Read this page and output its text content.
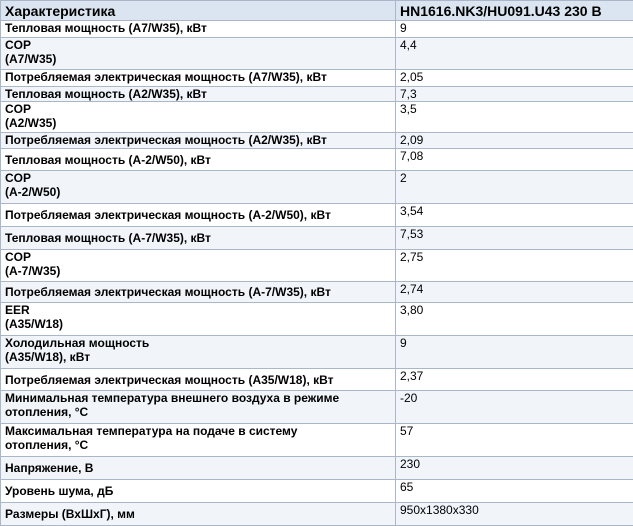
Характеристика	HN1616.NK3/HU091.U43 230 В
Тепловая мощность (A7/W35), кВт	9
COP
(A7/W35)	4,4
Потребляемая электрическая мощность (A7/W35), кВт	2,05
Тепловая мощность (A2/W35), кВт	7,3
COP
(A2/W35)	3,5
Потребляемая электрическая мощность (A2/W35), кВт	2,09
Тепловая мощность (A-2/W50), кВт	7,08
COP
(A-2/W50)	2
Потребляемая электрическая мощность (A-2/W50), кВт	3,54
Тепловая мощность (A-7/W35), кВт	7,53
COP
(A-7/W35)	2,75
Потребляемая электрическая мощность (A-7/W35), кВт	2,74
EER
(A35/W18)	3,80
Холодильная мощность
(A35/W18), кВт	9
Потребляемая электрическая мощность (A35/W18), кВт	2,37
Минимальная температура внешнего воздуха в режиме
отопления, °C	-20
Максимальная температура на подаче в систему
отопления, °C	57
Напряжение, В	230
Уровень шума, дБ	65
Размеры (ВхШхГ), мм	950х1380х330
